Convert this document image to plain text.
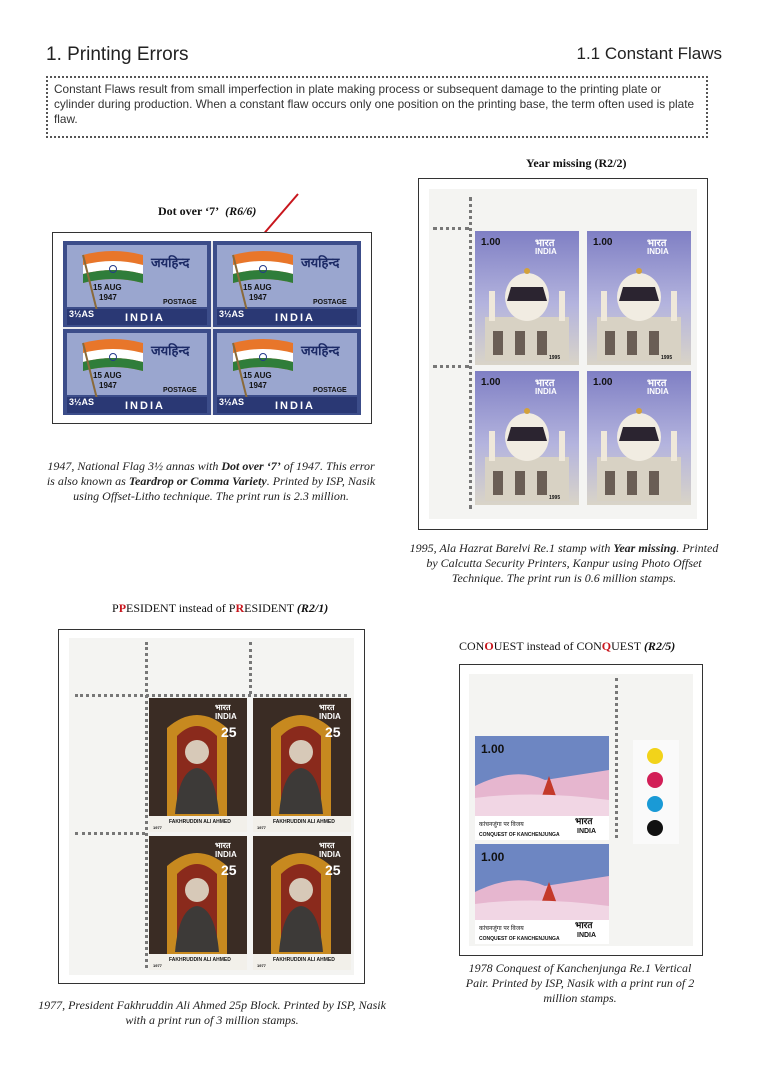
1. Printing Errors	1.1 Constant Flaws
Constant Flaws result from small imperfection in plate making process or subsequent damage to the printing plate or cylinder during production. When a constant flaw occurs only one position on the printing base, the term often used is plate flaw.
Dot over ‘7’ (R6/6)
जयहिन्द
15 AUG
1947
POSTAGE
INDIA
3½AS
जयहिन्द
15 AUG
1947
POSTAGE
INDIA
3½AS
जयहिन्द
15 AUG
1947
POSTAGE
INDIA
3½AS
जयहिन्द
15 AUG
1947
POSTAGE
INDIA
3½AS
1947, National Flag 3½ annas with Dot over ‘7’ of 1947. This error is also known as Teardrop or Comma Variety. Printed by ISP, Nasik using Offset-Litho technique. The print run is 2.3 million.
Year missing (R2/2)
1.00	भारत
INDIA
1995
1.00	भारत
INDIA
1995
1.00	भारत
INDIA
1995
1.00	भारत
INDIA
1995, Ala Hazrat Barelvi Re.1 stamp with Year missing. Printed by Calcutta Security Printers, Kanpur using Photo Offset Technique. The print run is 0.6 million stamps.
PPESIDENT instead of PRESIDENT (R2/1)
भारत
INDIA
25
FAKHRUDDIN ALI AHMED
1977
भारत
INDIA
25
FAKHRUDDIN ALI AHMED
1977
भारत
INDIA
25
FAKHRUDDIN ALI AHMED
1977
भारत
INDIA
25
FAKHRUDDIN ALI AHMED
1977
1977, President Fakhruddin Ali Ahmed 25p Block. Printed by ISP, Nasik with a print run of 3 million stamps.
CONOUEST instead of CONQUEST (R2/5)
1.00
भारत
INDIA
कांचनजुंगा पर विजय
CONQUEST OF KANCHENJUNGA
1.00
भारत
INDIA
कांचनजुंगा पर विजय
CONQUEST OF KANCHENJUNGA
1978 Conquest of Kanchenjunga Re.1 Vertical Pair. Printed by ISP, Nasik with a print run of 2 million stamps.
